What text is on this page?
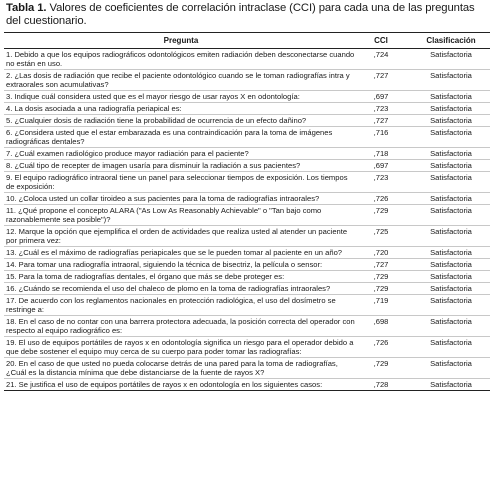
Tabla 1. Valores de coeficientes de correlación intraclase (CCI) para cada una de las preguntas del cuestionario.
Pregunta	CCI	Clasificación
1. Debido a que los equipos radiográficos odontológicos emiten radiación deben desconectarse cuando no están en uso.	,724	Satisfactoria
2. ¿Las dosis de radiación que recibe el paciente odontológico cuando se le toman radiografías intra y extraorales son acumulativas?	,727	Satisfactoria
3. Indique cuál considera usted que es el mayor riesgo de usar rayos X en odontología:	,697	Satisfactoria
4. La dosis asociada a una radiografía periapical es:	,723	Satisfactoria
5. ¿Cualquier dosis de radiación tiene la probabilidad de ocurrencia de un efecto dañino?	,727	Satisfactoria
6. ¿Considera usted que el estar embarazada es una contraindicación para la toma de imágenes radiográficas dentales?	,716	Satisfactoria
7. ¿Cuál examen radiológico produce mayor radiación para el paciente?	,718	Satisfactoria
8. ¿Cuál tipo de recepter de imagen usaría para disminuir la radiación a sus pacientes?	,697	Satisfactoria
9. El equipo radiográfico intraoral tiene un panel para seleccionar tiempos de exposición. Los tiempos de exposición:	,723	Satisfactoria
10. ¿Coloca usted un collar tiroideo a sus pacientes para la toma de radiografías intraorales?	,726	Satisfactoria
11. ¿Qué propone el concepto ALARA ("As Low As Reasonably Achievable" o "Tan bajo como razonablemente sea posible")?	,729	Satisfactoria
12. Marque la opción que ejemplifica el orden de actividades que realiza usted al atender un paciente por primera vez:	,725	Satisfactoria
13. ¿Cuál es el máximo de radiografías periapicales que se le pueden tomar al paciente en un año?	,720	Satisfactoria
14. Para tomar una radiografía intraoral, siguiendo la técnica de bisectriz, la película o sensor:	,727	Satisfactoria
15. Para la toma de radiografías dentales, el órgano que más se debe proteger es:	,729	Satisfactoria
16. ¿Cuándo se recomienda el uso del chaleco de plomo en la toma de radiografías intraorales?	,729	Satisfactoria
17. De acuerdo con los reglamentos nacionales en protección radiológica, el uso del dosímetro se restringe a:	,719	Satisfactoria
18. En el caso de no contar con una barrera protectora adecuada, la posición correcta del operador con respecto al equipo radiográfico es:	,698	Satisfactoria
19. El uso de equipos portátiles de rayos x en odontología significa un riesgo para el operador debido a que debe sostener el equipo muy cerca de su cuerpo para poder tomar las radiografías:	,726	Satisfactoria
20. En el caso de que usted no pueda colocarse detrás de una pared para la toma de radiografías, ¿Cuál es la distancia mínima que debe distanciarse de la fuente de rayos X?	,729	Satisfactoria
21. Se justifica el uso de equipos portátiles de rayos x en odontología en los siguientes casos:	,728	Satisfactoria
